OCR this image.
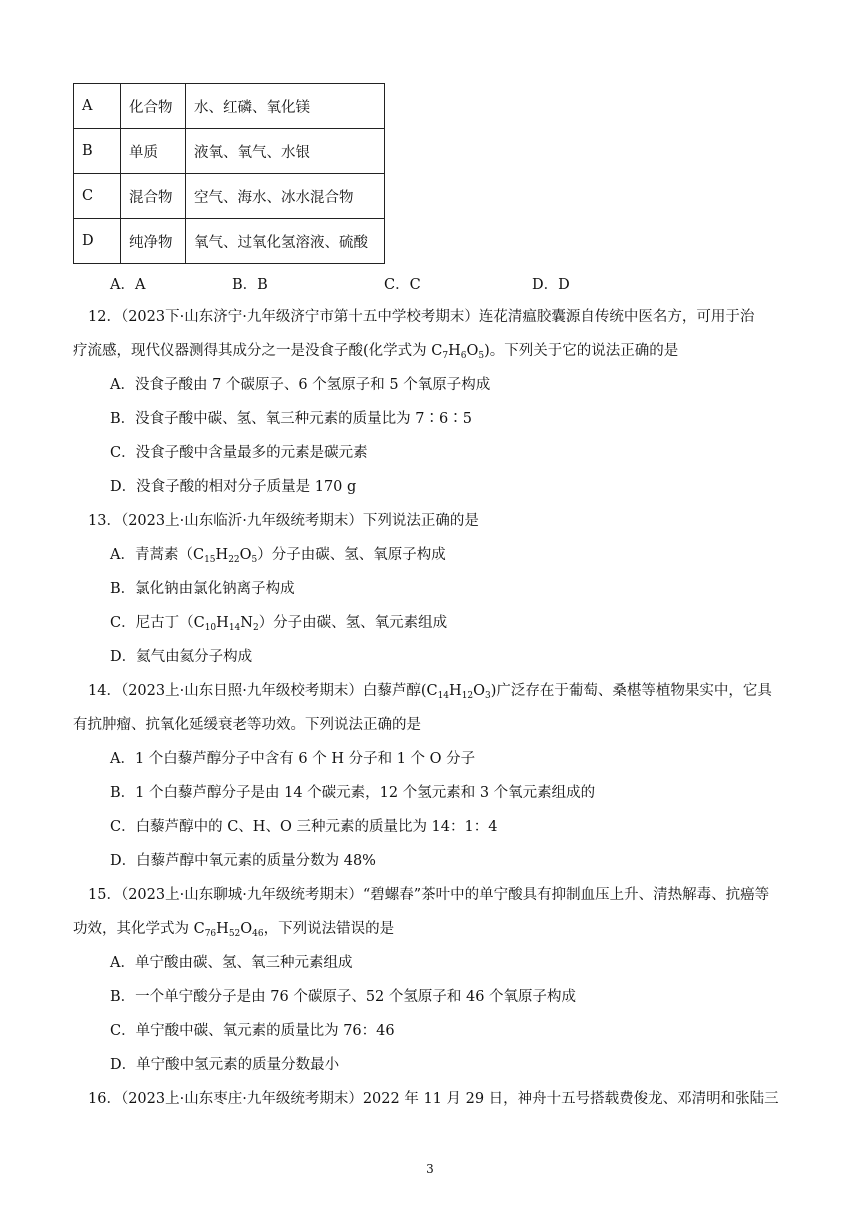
A	化合物	水、红磷、氧化镁
B	单质	液氧、氧气、水银
C	混合物	空气、海水、冰水混合物
D	纯净物	氧气、过氧化氢溶液、硫酸
A．A	B．B	C．C	D．D
12．（2023下·山东济宁·九年级济宁市第十五中学校考期末）连花清瘟胶囊源自传统中医名方，可用于治
疗流感，现代仪器测得其成分之一是没食子酸(化学式为 $C_7H_6O_5$)。下列关于它的说法正确的是
A．没食子酸由 7 个碳原子、6 个氢原子和 5 个氧原子构成
B．没食子酸中碳、氢、氧三种元素的质量比为 7∶6∶5
C．没食子酸中含量最多的元素是碳元素
D．没食子酸的相对分子质量是 170 g
13．（2023上·山东临沂·九年级统考期末）下列说法正确的是
A．青蒿素$(C_{15}H_{22}O_5)$分子由碳、氢、氧原子构成
B．氯化钠由氯化钠离子构成
C．尼古丁$(C_{10}H_{14}N_2)$分子由碳、氢、氧元素组成
D．氦气由氦分子构成
14．（2023上·山东日照·九年级校考期末）白藜芦醇$(C_{14}H_{12}O_3)$广泛存在于葡萄、桑椹等植物果实中，它具
有抗肿瘤、抗氧化延缓衰老等功效。下列说法正确的是
A．1 个白藜芦醇分子中含有 6 个 H 分子和 1 个 O 分子
B．1 个白藜芦醇分子是由 14 个碳元素，12 个氢元素和 3 个氧元素组成的
C．白藜芦醇中的 C、H、O 三种元素的质量比为 14：1：4
D．白藜芦醇中氧元素的质量分数为 48%
15．（2023上·山东聊城·九年级统考期末）“碧螺春”茶叶中的单宁酸具有抑制血压上升、清热解毒、抗癌等
功效，其化学式为 $C_{76}H_{52}O_{46}$，下列说法错误的是
A．单宁酸由碳、氢、氧三种元素组成
B．一个单宁酸分子是由 76 个碳原子、52 个氢原子和 46 个氧原子构成
C．单宁酸中碳、氧元素的质量比为 76：46
D．单宁酸中氢元素的质量分数最小
16．（2023上·山东枣庄·九年级统考期末）2022 年 11 月 29 日，神舟十五号搭载费俊龙、邓清明和张陆三
3
